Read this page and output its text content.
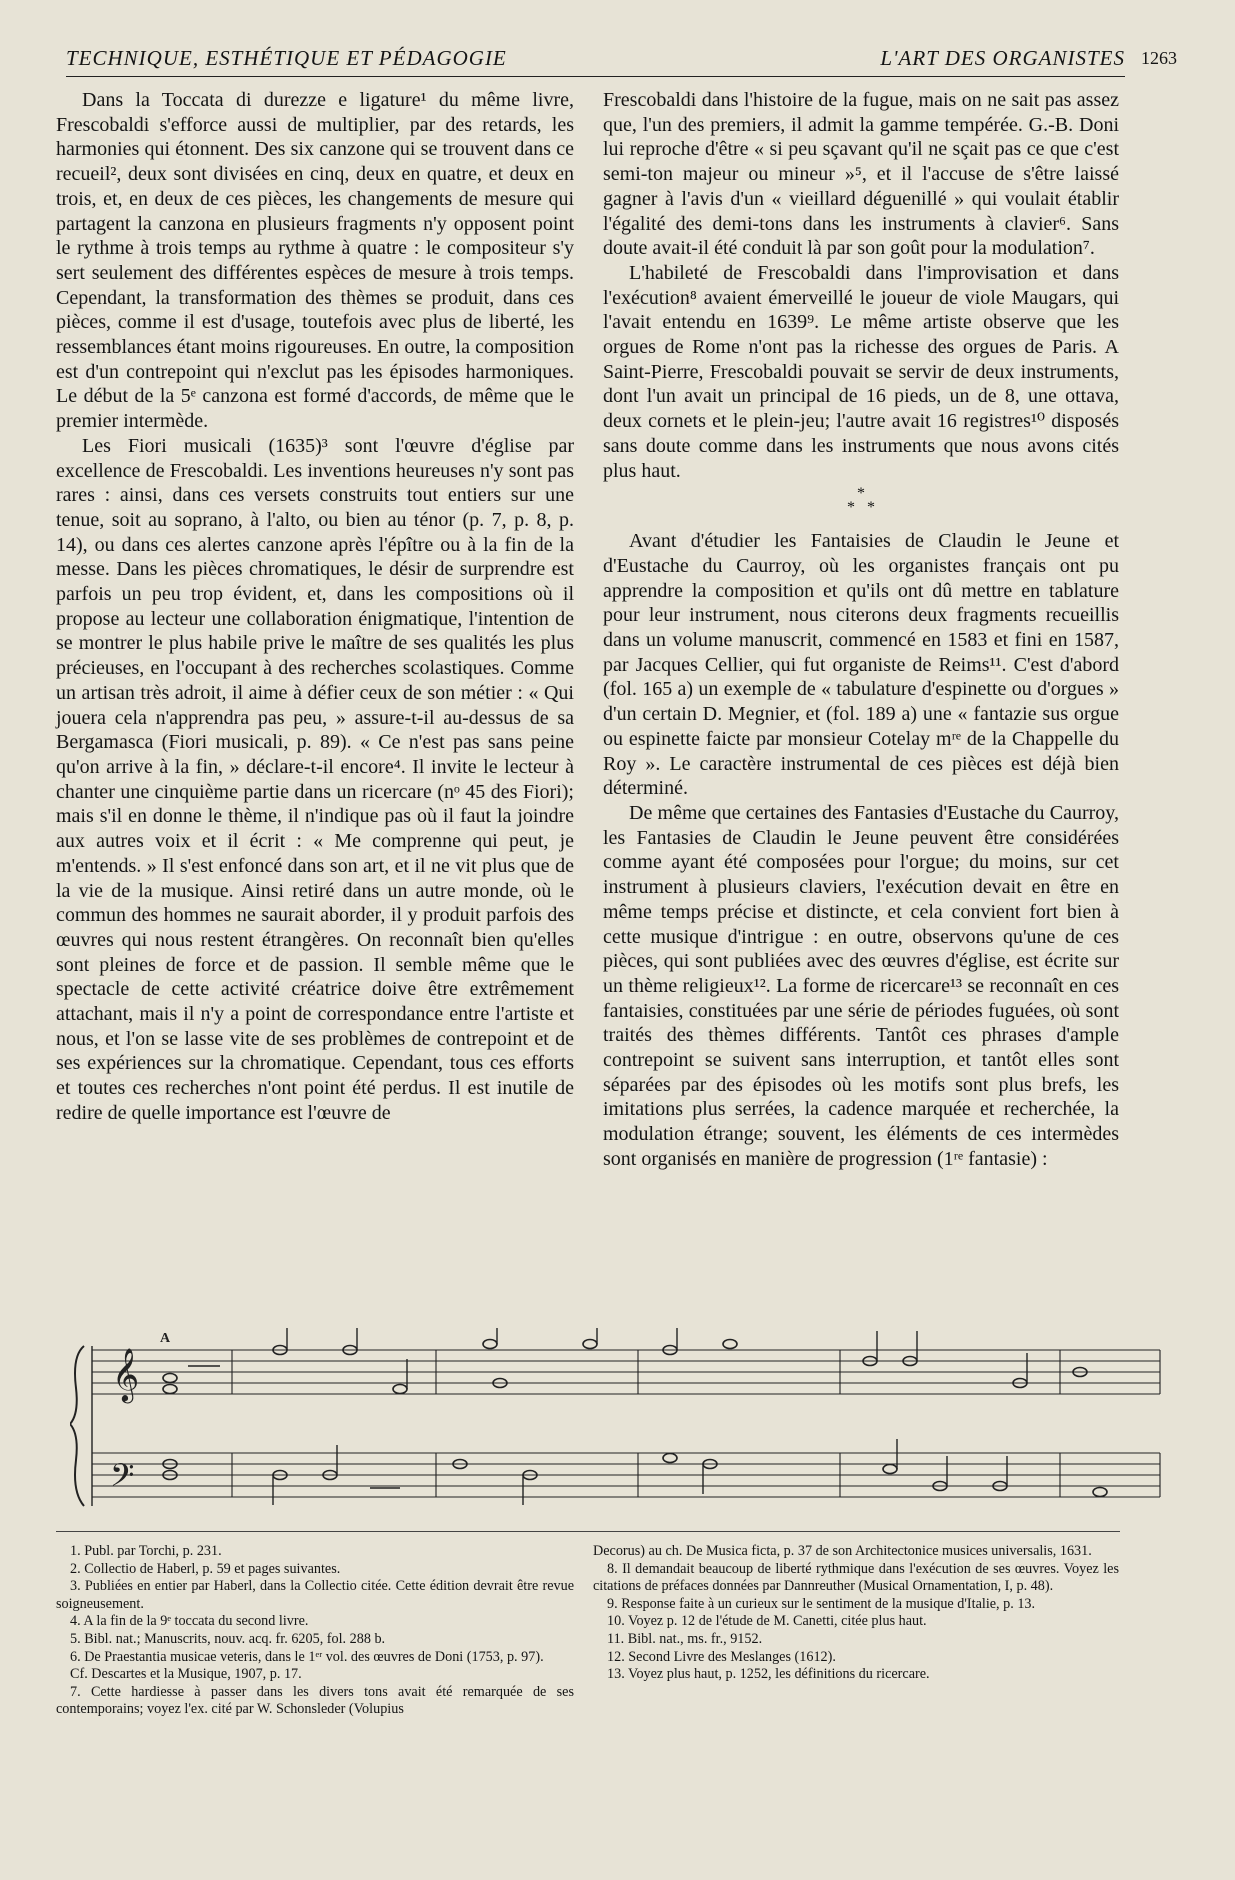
TECHNIQUE, ESTHÉTIQUE ET PÉDAGOGIE	L'ART DES ORGANISTES 1263

Dans la Toccata di durezze e ligature¹ du même livre, Frescobaldi s'efforce aussi de multiplier, par des retards, les harmonies qui étonnent. Des six canzone qui se trouvent dans ce recueil², deux sont divisées en cinq, deux en quatre, et deux en trois, et, en deux de ces pièces, les changements de mesure qui partagent la canzona en plusieurs fragments n'y opposent point le rythme à trois temps au rythme à quatre : le compositeur s'y sert seulement des différentes espèces de mesure à trois temps. Cependant, la transformation des thèmes se produit, dans ces pièces, comme il est d'usage, toutefois avec plus de liberté, les ressemblances étant moins rigoureuses. En outre, la composition est d'un contrepoint qui n'exclut pas les épisodes harmoniques. Le début de la 5ᵉ canzona est formé d'accords, de même que le premier intermède.

Les Fiori musicali (1635)³ sont l'œuvre d'église par excellence de Frescobaldi. Les inventions heureuses n'y sont pas rares : ainsi, dans ces versets construits tout entiers sur une tenue, soit au soprano, à l'alto, ou bien au ténor (p. 7, p. 8, p. 14), ou dans ces alertes canzone après l'épître ou à la fin de la messe. Dans les pièces chromatiques, le désir de surprendre est parfois un peu trop évident, et, dans les compositions où il propose au lecteur une collaboration énigmatique, l'intention de se montrer le plus habile prive le maître de ses qualités les plus précieuses, en l'occupant à des recherches scolastiques. Comme un artisan très adroit, il aime à défier ceux de son métier : « Qui jouera cela n'apprendra pas peu, » assure-t-il au-dessus de sa Bergamasca (Fiori musicali, p. 89). « Ce n'est pas sans peine qu'on arrive à la fin, » déclare-t-il encore⁴. Il invite le lecteur à chanter une cinquième partie dans un ricercare (nᵒ 45 des Fiori); mais s'il en donne le thème, il n'indique pas où il faut la joindre aux autres voix et il écrit : « Me comprenne qui peut, je m'entends. » Il s'est enfoncé dans son art, et il ne vit plus que de la vie de la musique. Ainsi retiré dans un autre monde, où le commun des hommes ne saurait aborder, il y produit parfois des œuvres qui nous restent étrangères. On reconnaît bien qu'elles sont pleines de force et de passion. Il semble même que le spectacle de cette activité créatrice doive être extrêmement attachant, mais il n'y a point de correspondance entre l'artiste et nous, et l'on se lasse vite de ses problèmes de contrepoint et de ses expériences sur la chromatique. Cependant, tous ces efforts et toutes ces recherches n'ont point été perdus. Il est inutile de redire de quelle importance est l'œuvre de

Frescobaldi dans l'histoire de la fugue, mais on ne sait pas assez que, l'un des premiers, il admit la gamme tempérée. G.-B. Doni lui reproche d'être « si peu sçavant qu'il ne sçait pas ce que c'est semi-ton majeur ou mineur »⁵, et il l'accuse de s'être laissé gagner à l'avis d'un « vieillard déguenillé » qui voulait établir l'égalité des demi-tons dans les instruments à clavier⁶. Sans doute avait-il été conduit là par son goût pour la modulation⁷.

L'habileté de Frescobaldi dans l'improvisation et dans l'exécution⁸ avaient émerveillé le joueur de viole Maugars, qui l'avait entendu en 1639⁹. Le même artiste observe que les orgues de Rome n'ont pas la richesse des orgues de Paris. A Saint-Pierre, Frescobaldi pouvait se servir de deux instruments, dont l'un avait un principal de 16 pieds, un de 8, une ottava, deux cornets et le plein-jeu; l'autre avait 16 registres¹⁰ disposés sans doute comme dans les instruments que nous avons cités plus haut.

*
*   *

Avant d'étudier les Fantaisies de Claudin le Jeune et d'Eustache du Caurroy, où les organistes français ont pu apprendre la composition et qu'ils ont dû mettre en tablature pour leur instrument, nous citerons deux fragments recueillis dans un volume manuscrit, commencé en 1583 et fini en 1587, par Jacques Cellier, qui fut organiste de Reims¹¹. C'est d'abord (fol. 165 a) un exemple de « tabulature d'espinette ou d'orgues » d'un certain D. Megnier, et (fol. 189 a) une « fantazie sus orgue ou espinette faicte par monsieur Cotelay mʳᵉ de la Chappelle du Roy ». Le caractère instrumental de ces pièces est déjà bien déterminé.

De même que certaines des Fantasies d'Eustache du Caurroy, les Fantasies de Claudin le Jeune peuvent être considérées comme ayant été composées pour l'orgue; du moins, sur cet instrument à plusieurs claviers, l'exécution devait en être en même temps précise et distincte, et cela convient fort bien à cette musique d'intrigue : en outre, observons qu'une de ces pièces, qui sont publiées avec des œuvres d'église, est écrite sur un thème religieux¹². La forme de ricercare¹³ se reconnaît en ces fantaisies, constituées par une série de périodes fuguées, où sont traités des thèmes différents. Tantôt ces phrases d'ample contrepoint se suivent sans interruption, et tantôt elles sont séparées par des épisodes où les motifs sont plus brefs, les imitations plus serrées, la cadence marquée et recherchée, la modulation étrange; souvent, les éléments de ces intermèdes sont organisés en manière de progression (1ʳᵉ fantasie) :

𝄞
𝄢
A
1. Publ. par Torchi, p. 231.
2. Collectio de Haberl, p. 59 et pages suivantes.
3. Publiées en entier par Haberl, dans la Collectio citée. Cette édition devrait être revue soigneusement.
4. A la fin de la 9ᵉ toccata du second livre.
5. Bibl. nat.; Manuscrits, nouv. acq. fr. 6205, fol. 288 b.
6. De Praestantia musicae veteris, dans le 1ᵉʳ vol. des œuvres de Doni (1753, p. 97).
Cf. Descartes et la Musique, 1907, p. 17.
7. Cette hardiesse à passer dans les divers tons avait été remarquée de ses contemporains; voyez l'ex. cité par W. Schonsleder (Volupius
Decorus) au ch. De Musica ficta, p. 37 de son Architectonice musices universalis, 1631.
8. Il demandait beaucoup de liberté rythmique dans l'exécution de ses œuvres. Voyez les citations de préfaces données par Dannreuther (Musical Ornamentation, I, p. 48).
9. Response faite à un curieux sur le sentiment de la musique d'Italie, p. 13.
10. Voyez p. 12 de l'étude de M. Canetti, citée plus haut.
11. Bibl. nat., ms. fr., 9152.
12. Second Livre des Meslanges (1612).
13. Voyez plus haut, p. 1252, les définitions du ricercare.
